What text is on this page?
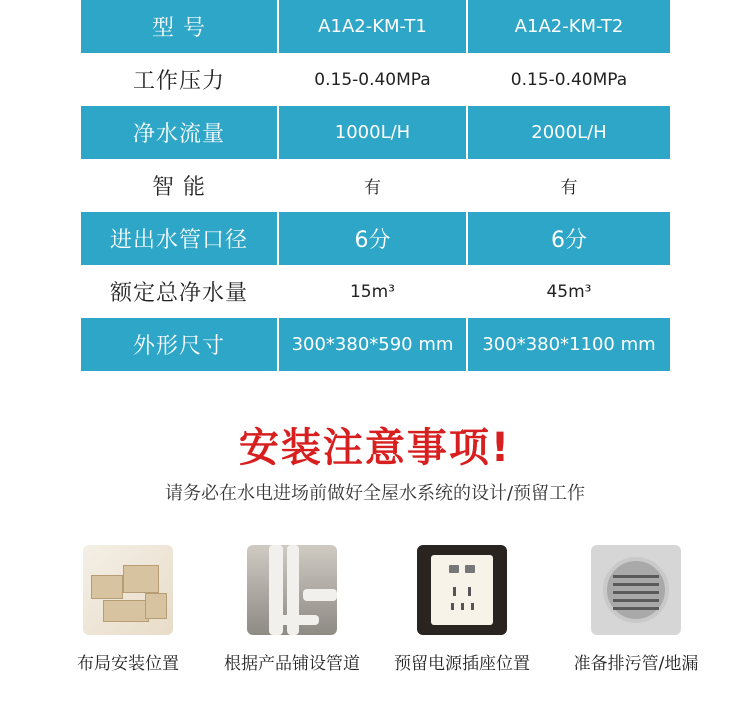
型 号	A1A2-KM-T1	A1A2-KM-T2
工作压力	0.15-0.40MPa	0.15-0.40MPa
净水流量	1000L/H	2000L/H
智 能	有	有
进出水管口径	6分	6分
额定总净水量	15m³	45m³
外形尺寸	300*380*590 mm	300*380*1100 mm
安装注意事项!
请务必在水电进场前做好全屋水系统的设计/预留工作
布局安装位置	根据产品铺设管道	预留电源插座位置	准备排污管/地漏
